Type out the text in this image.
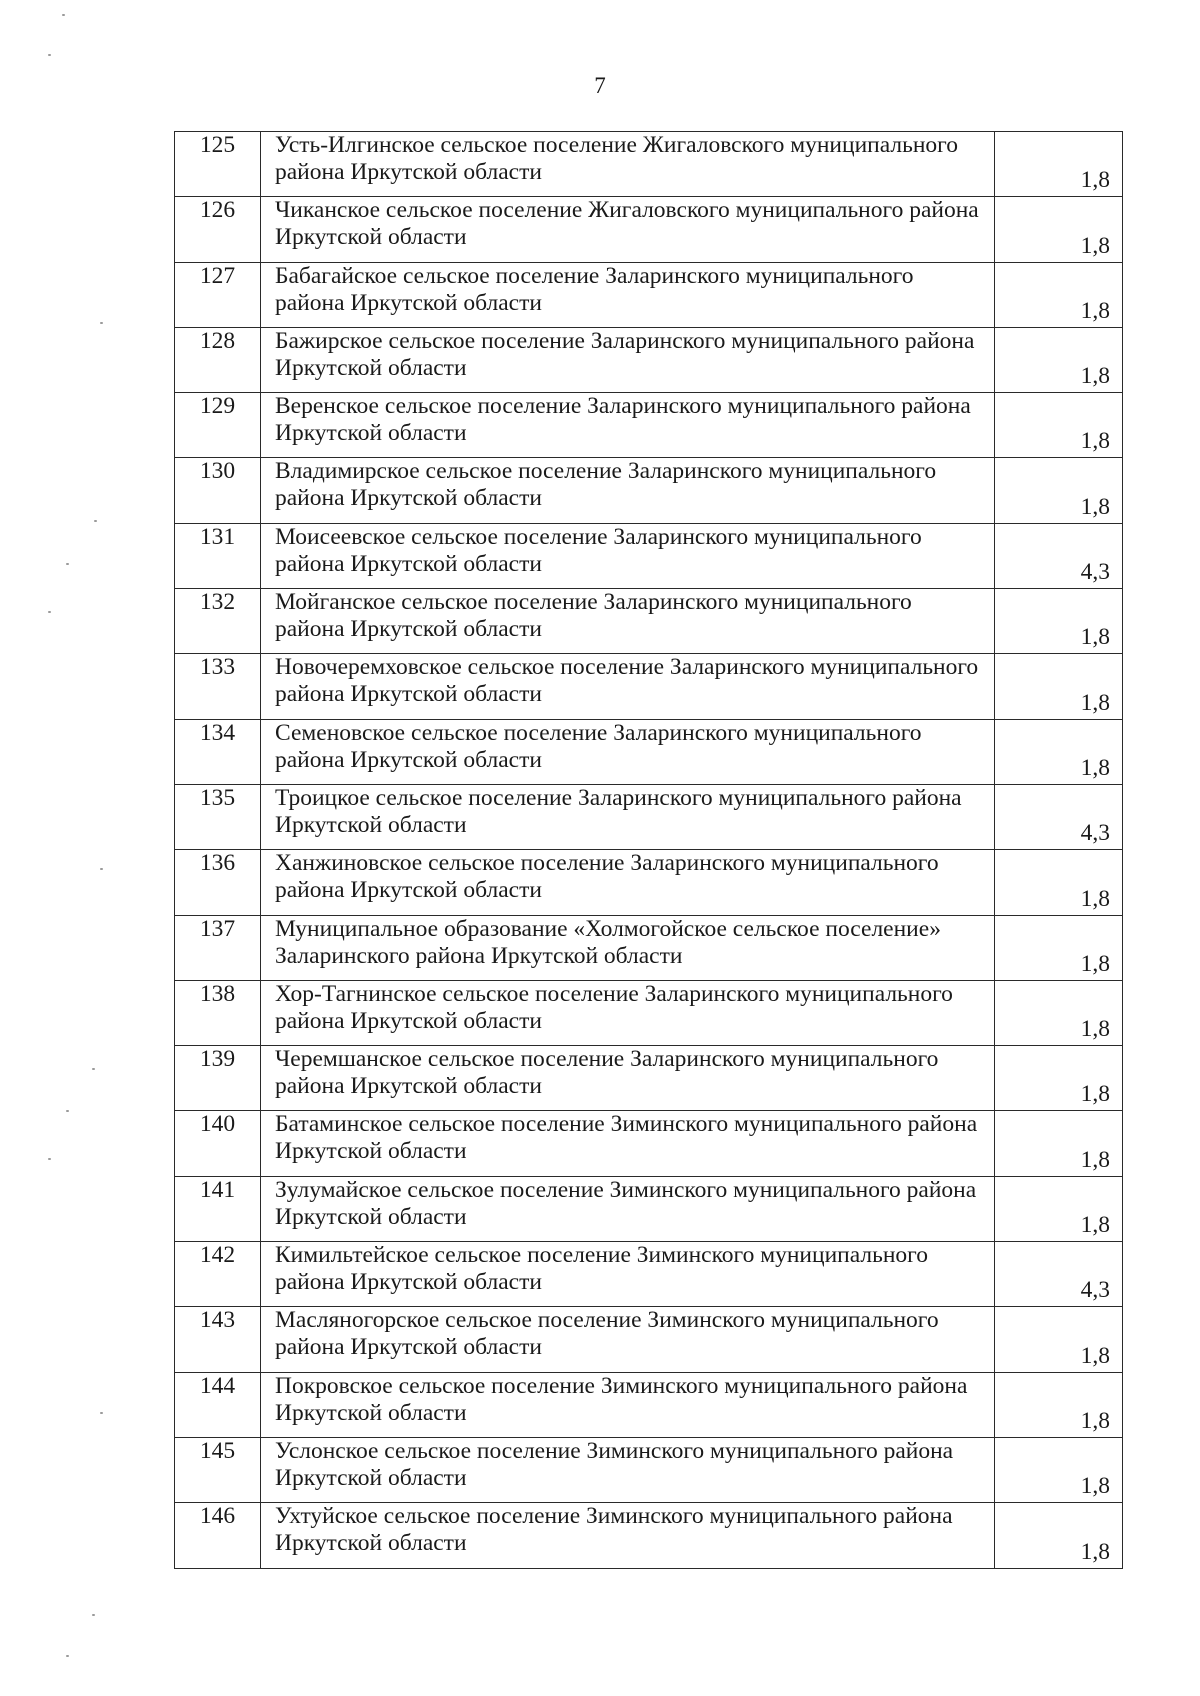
7
125	Усть-Илгинское сельское поселение Жигаловского муниципального района Иркутской области	1,8
126	Чиканское сельское поселение Жигаловского муниципального района Иркутской области	1,8
127	Бабагайское сельское поселение Заларинского муниципального района Иркутской области	1,8
128	Бажирское сельское поселение Заларинского муниципального района Иркутской области	1,8
129	Веренское сельское поселение Заларинского муниципального района Иркутской области	1,8
130	Владимирское сельское поселение Заларинского муниципального района Иркутской области	1,8
131	Моисеевское сельское поселение Заларинского муниципального района Иркутской области	4,3
132	Мойганское сельское поселение Заларинского муниципального района Иркутской области	1,8
133	Новочеремховское сельское поселение Заларинского муниципального района Иркутской области	1,8
134	Семеновское сельское поселение Заларинского муниципального района Иркутской области	1,8
135	Троицкое сельское поселение Заларинского муниципального района Иркутской области	4,3
136	Ханжиновское сельское поселение Заларинского муниципального района Иркутской области	1,8
137	Муниципальное образование «Холмогойское сельское поселение» Заларинского района Иркутской области	1,8
138	Хор-Тагнинское сельское поселение Заларинского муниципального района Иркутской области	1,8
139	Черемшанское сельское поселение Заларинского муниципального района Иркутской области	1,8
140	Батаминское сельское поселение Зиминского муниципального района Иркутской области	1,8
141	Зулумайское сельское поселение Зиминского муниципального района Иркутской области	1,8
142	Кимильтейское сельское поселение Зиминского муниципального района Иркутской области	4,3
143	Масляногорское сельское поселение Зиминского муниципального района Иркутской области	1,8
144	Покровское сельское поселение Зиминского муниципального района Иркутской области	1,8
145	Услонское сельское поселение Зиминского муниципального района Иркутской области	1,8
146	Ухтуйское сельское поселение Зиминского муниципального района Иркутской области	1,8
